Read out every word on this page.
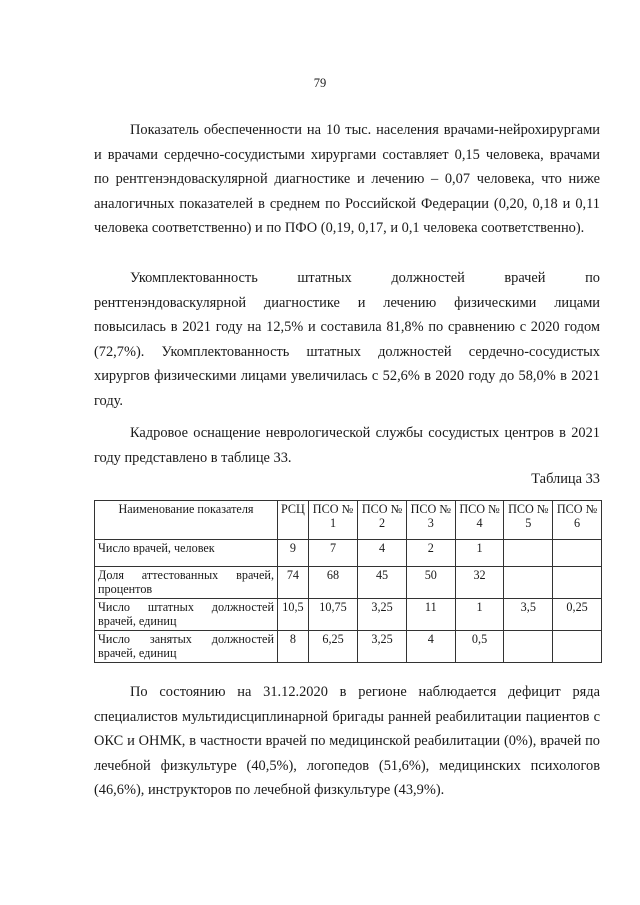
79

Показатель обеспеченности на 10 тыс. населения врачами-нейрохирургами и врачами сердечно-сосудистыми хирургами составляет 0,15 человека, врачами по рентгенэндоваскулярной диагностике и лечению – 0,07 человека, что ниже аналогичных показателей в среднем по Российской Федерации (0,20, 0,18 и 0,11 человека соответственно) и по ПФО (0,19, 0,17, и 0,1 человека соответственно).

Укомплектованность штатных должностей врачей по рентгенэндоваскулярной диагностике и лечению физическими лицами повысилась в 2021 году на 12,5% и составила 81,8% по сравнению с 2020 годом (72,7%). Укомплектованность штатных должностей сердечно-сосудистых хирургов физическими лицами увеличилась с 52,6% в 2020 году до 58,0% в 2021 году.

Кадровое оснащение неврологической службы сосудистых центров в 2021 году представлено в таблице 33.

Таблица 33
Наименование показателя	РСЦ	ПСО № 1	ПСО № 2	ПСО № 3	ПСО № 4	ПСО № 5	ПСО № 6
Число врачей, человек	9	7	4	2	1		
Доля аттестованных врачей, процентов	74	68	45	50	32		
Число штатных должностей врачей, единиц	10,5	10,75	3,25	11	1	3,5	0,25
Число занятых должностей врачей, единиц	8	6,25	3,25	4	0,5		

По состоянию на 31.12.2020 в регионе наблюдается дефицит ряда специалистов мультидисциплинарной бригады ранней реабилитации пациентов с ОКС и ОНМК, в частности врачей по медицинской реабилитации (0%), врачей по лечебной физкультуре (40,5%), логопедов (51,6%), медицинских психологов (46,6%), инструкторов по лечебной физкультуре (43,9%).
